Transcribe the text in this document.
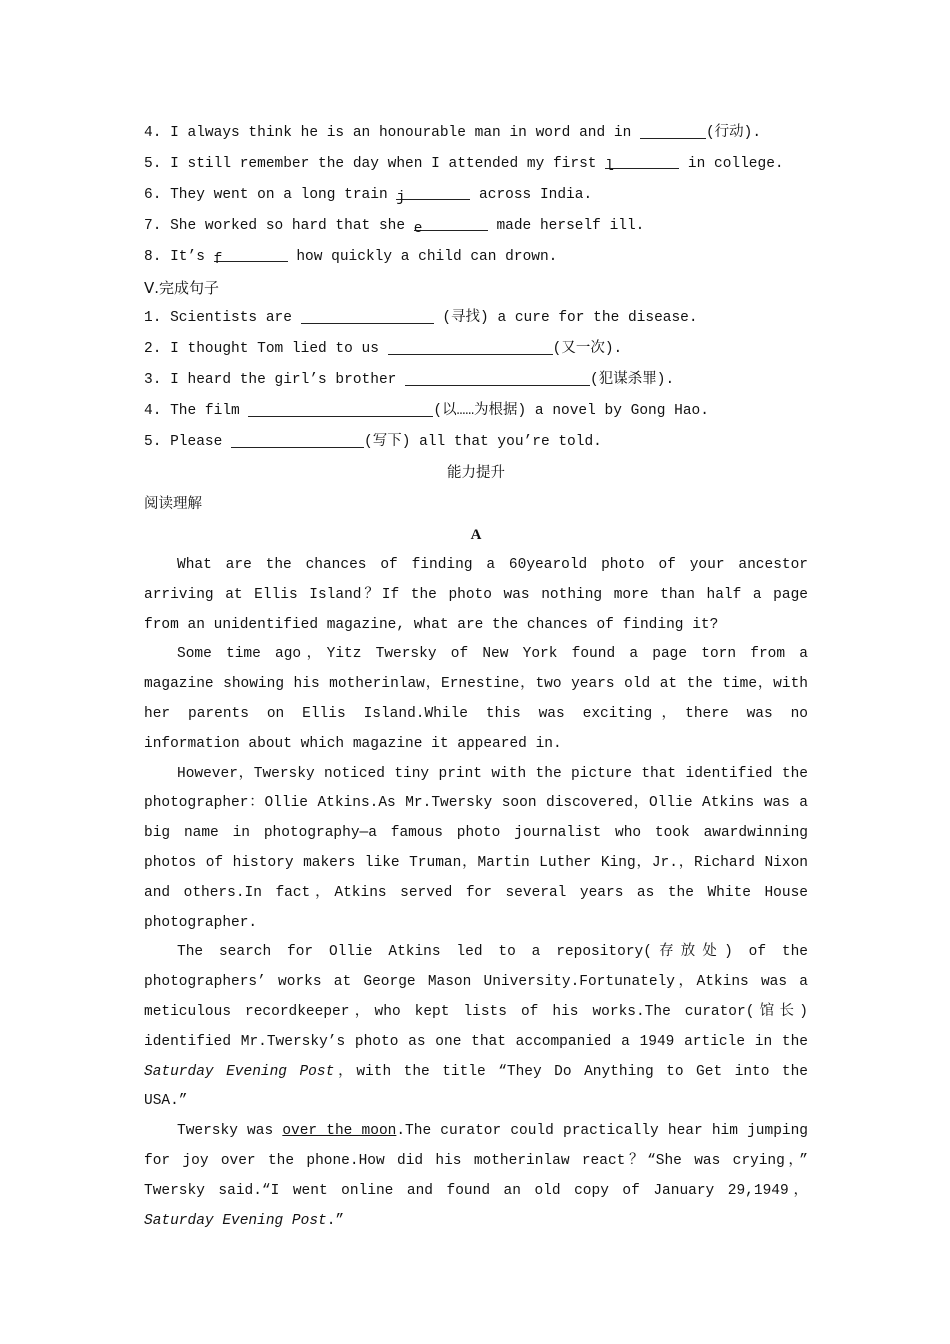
4. I always think he is an honourable man in word and in	(行动).
5. I still remember the day when I attended my first l	in college.
6. They went on a long train j	across India.
7. She worked so hard that she e	made herself ill.
8. It’s f	how quickly a child can drown.
Ⅴ.完成句子
1. Scientists are	(寻找) a cure for the disease.
2. I thought Tom lied to us	(又一次).
3. I heard the girl’s brother	(犯谋杀罪).
4. The film	(以……为根据) a novel by Gong Hao.
5. Please	(写下) all that you’re told.
能力提升
阅读理解
A

What are the chances of finding a 60yearold photo of your ancestor arriving at Ellis Island？If the photo was nothing more than half a page from an unidentified magazine, what are the chances of finding it?

Some time ago，Yitz Twersky of New York found a page torn from a magazine showing his motherinlaw，Ernestine，two years old at the time，with her parents on Ellis Island.While this was exciting，there was no information about which magazine it appeared in.

However，Twersky noticed tiny print with the picture that identified the photographer：Ollie Atkins.As Mr.Twersky soon discovered，Ollie Atkins was a big name in photography—a famous photo journalist who took awardwinning photos of history makers like Truman，Martin Luther King，Jr.，Richard Nixon and others.In fact，Atkins served for several years as the White House photographer.

The search for Ollie Atkins led to a repository(存放处) of the photographers’ works at George Mason University.Fortunately，Atkins was a meticulous recordkeeper，who kept lists of his works.The curator(馆长) identified Mr.Twersky’s photo as one that accompanied a 1949 article in the Saturday Evening Post，with the title “They Do Anything to Get into the USA.”

Twersky was over the moon.The curator could practically hear him jumping for joy over the phone.How did his motherinlaw react？“She was crying，” Twersky said.“I went online and found an old copy of January 29,1949，Saturday Evening Post.”
